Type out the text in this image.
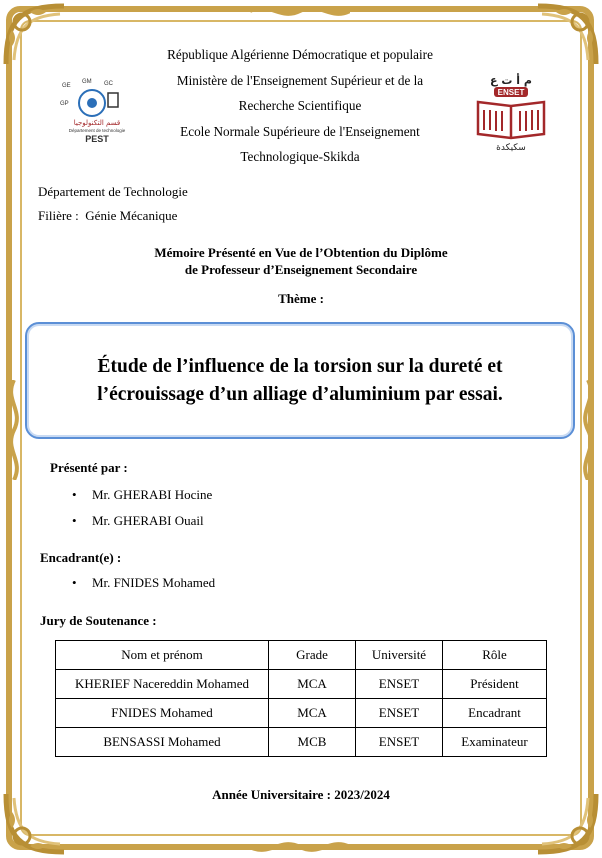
GE
GM GC
GP
قسم التكنولوجيا
Département de technologie
PEST
م أ ت ع
ENSET
سكيكدة
République Algérienne Démocratique et populaire
Ministère de l'Enseignement Supérieur et de la
Recherche Scientifique
Ecole Normale Supérieure de l'Enseignement
Technologique-Skikda
Département de Technologie
Filière : Génie Mécanique
Mémoire Présenté en Vue de l’Obtention du Diplôme
de Professeur d’Enseignement Secondaire
Thème :
Étude de l’influence de la torsion sur la dureté et
l’écrouissage d’un alliage d’aluminium par essai.
Présenté par :
• Mr. GHERABI Hocine
• Mr. GHERABI Ouail
Encadrant(e) :
• Mr. FNIDES Mohamed
Jury de Soutenance :
Nom et prénom	Grade	Université	Rôle
KHERIEF Nacereddin Mohamed	MCA	ENSET	Président
FNIDES Mohamed	MCA	ENSET	Encadrant
BENSASSI Mohamed	MCB	ENSET	Examinateur
Année Universitaire : 2023/2024
